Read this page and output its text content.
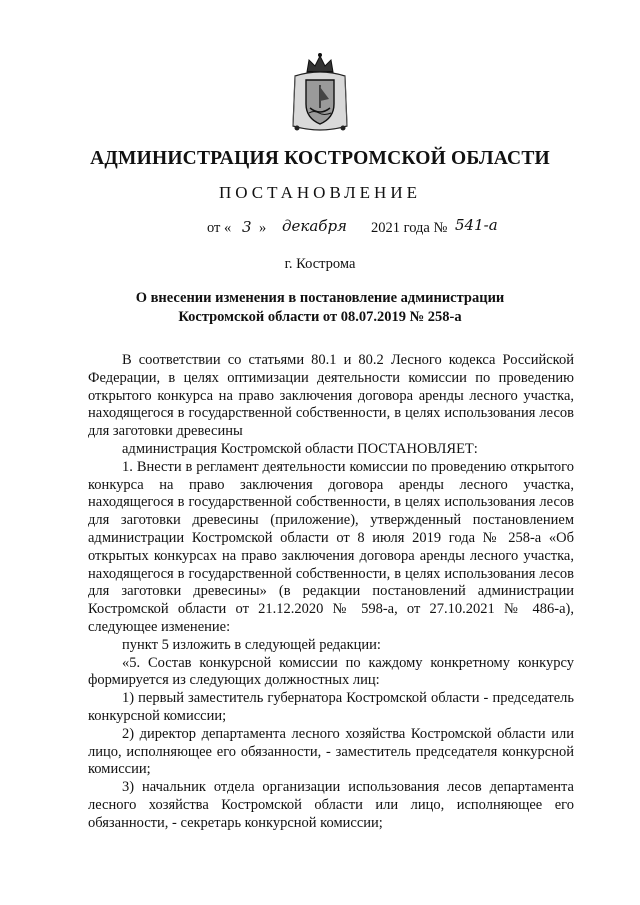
АДМИНИСТРАЦИЯ КОСТРОМСКОЙ ОБЛАСТИ
ПОСТАНОВЛЕНИЕ
от « 3 » декабря 2021 года № 541-а
г. Кострома
О внесении изменения в постановление администрации
Костромской области от 08.07.2019 № 258-а

В соответствии со статьями 80.1 и 80.2 Лесного кодекса Российской Федерации, в целях оптимизации деятельности комиссии по проведению открытого конкурса на право заключения договора аренды лесного участка, находящегося в государственной собственности, в целях использования лесов для заготовки древесины

администрация Костромской области ПОСТАНОВЛЯЕТ:

1. Внести в регламент деятельности комиссии по проведению открытого конкурса на право заключения договора аренды лесного участка, находящегося в государственной собственности, в целях использования лесов для заготовки древесины (приложение), утвержденный постановлением администрации Костромской области от 8 июля 2019 года № 258-а «Об открытых конкурсах на право заключения договора аренды лесного участка, находящегося в государственной собственности, в целях использования лесов для заготовки древесины» (в редакции постановлений администрации Костромской области от 21.12.2020 № 598-а, от 27.10.2021 № 486-а), следующее изменение:

пункт 5 изложить в следующей редакции:

«5. Состав конкурсной комиссии по каждому конкретному конкурсу формируется из следующих должностных лиц:

1) первый заместитель губернатора Костромской области - председатель конкурсной комиссии;

2) директор департамента лесного хозяйства Костромской области или лицо, исполняющее его обязанности, - заместитель председателя конкурсной комиссии;

3) начальник отдела организации использования лесов департамента лесного хозяйства Костромской области или лицо, исполняющее его обязанности, - секретарь конкурсной комиссии;
